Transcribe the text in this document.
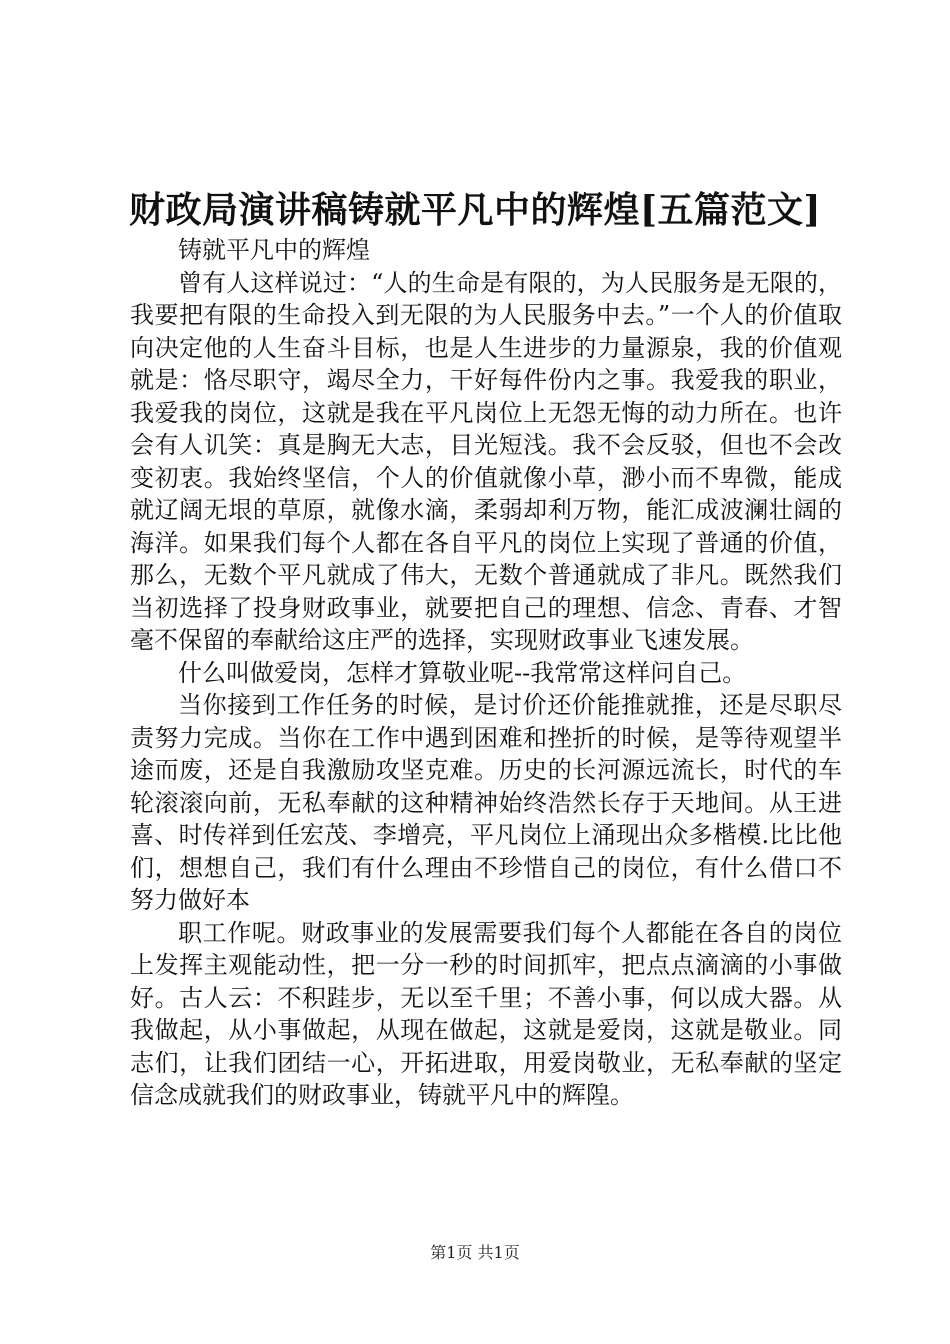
财政局演讲稿铸就平凡中的辉煌[五篇范文]

铸就平凡中的辉煌

曾有人这样说过：“人的生命是有限的，为人民服务是无限的，我要把有限的生命投入到无限的为人民服务中去。”一个人的价值取向决定他的人生奋斗目标，也是人生进步的力量源泉，我的价值观就是：恪尽职守，竭尽全力，干好每件份内之事。我爱我的职业，我爱我的岗位，这就是我在平凡岗位上无怨无悔的动力所在。也许会有人讥笑：真是胸无大志，目光短浅。我不会反驳，但也不会改变初衷。我始终坚信，个人的价值就像小草，渺小而不卑微，能成就辽阔无垠的草原，就像水滴，柔弱却利万物，能汇成波澜壮阔的海洋。如果我们每个人都在各自平凡的岗位上实现了普通的价值，那么，无数个平凡就成了伟大，无数个普通就成了非凡。既然我们当初选择了投身财政事业，就要把自己的理想、信念、青春、才智毫不保留的奉献给这庄严的选择，实现财政事业飞速发展。

什么叫做爱岗，怎样才算敬业呢--我常常这样问自己。

当你接到工作任务的时候，是讨价还价能推就推，还是尽职尽责努力完成。当你在工作中遇到困难和挫折的时候，是等待观望半途而废，还是自我激励攻坚克难。历史的长河源远流长，时代的车轮滚滚向前，无私奉献的这种精神始终浩然长存于天地间。从王进喜、时传祥到任宏茂、李增亮，平凡岗位上涌现出众多楷模.比比他们，想想自己，我们有什么理由不珍惜自己的岗位，有什么借口不努力做好本

职工作呢。财政事业的发展需要我们每个人都能在各自的岗位上发挥主观能动性，把一分一秒的时间抓牢，把点点滴滴的小事做好。古人云：不积跬步，无以至千里；不善小事，何以成大器。从我做起，从小事做起，从现在做起，这就是爱岗，这就是敬业。同志们，让我们团结一心，开拓进取，用爱岗敬业，无私奉献的坚定信念成就我们的财政事业，铸就平凡中的辉隍。

第1页 共1页
